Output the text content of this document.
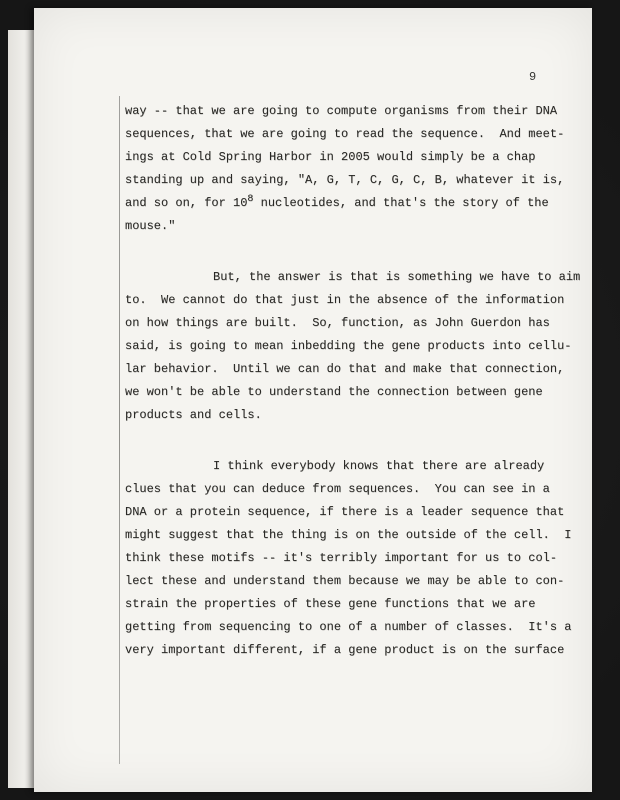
9
way -- that we are going to compute organisms from their DNA
sequences, that we are going to read the sequence.  And meet-
ings at Cold Spring Harbor in 2005 would simply be a chap
standing up and saying, "A, G, T, C, G, C, B, whatever it is,
and so on, for $10^8$ nucleotides, and that's the story of the
mouse."
But, the answer is that is something we have to aim
to.  We cannot do that just in the absence of the information
on how things are built.  So, function, as John Guerdon has
said, is going to mean inbedding the gene products into cellu-
lar behavior.  Until we can do that and make that connection,
we won't be able to understand the connection between gene
products and cells.
I think everybody knows that there are already
clues that you can deduce from sequences.  You can see in a
DNA or a protein sequence, if there is a leader sequence that
might suggest that the thing is on the outside of the cell.  I
think these motifs -- it's terribly important for us to col-
lect these and understand them because we may be able to con-
strain the properties of these gene functions that we are
getting from sequencing to one of a number of classes.  It's a
very important different, if a gene product is on the surface
